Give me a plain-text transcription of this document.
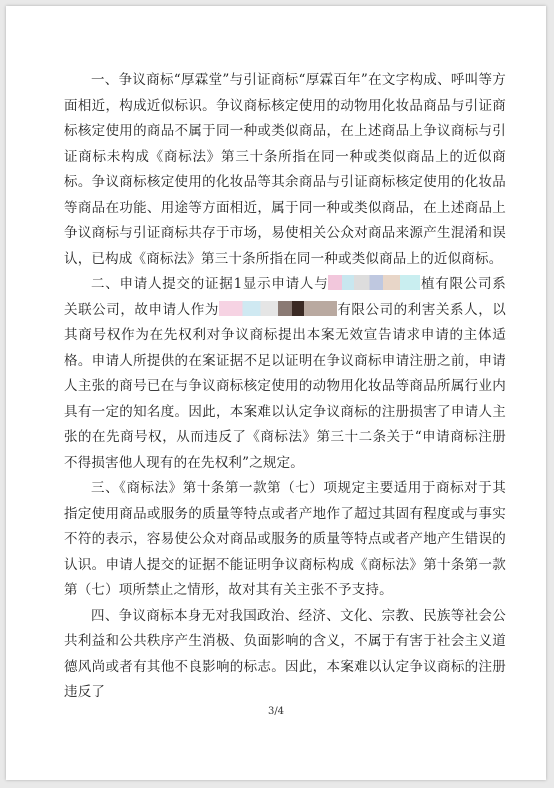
一、争议商标“厚霖堂”与引证商标“厚霖百年”在文字构成、呼叫等方面相近，构成近似标识。争议商标核定使用的动物用化妆品商品与引证商标核定使用的商品不属于同一种或类似商品，在上述商品上争议商标与引证商标未构成《商标法》第三十条所指在同一种或类似商品上的近似商标。争议商标核定使用的化妆品等其余商品与引证商标核定使用的化妆品等商品在功能、用途等方面相近，属于同一种或类似商品，在上述商品上争议商标与引证商标共存于市场，易使相关公众对商品来源产生混淆和误认，已构成《商标法》第三十条所指在同一种或类似商品上的近似商标。

二、申请人提交的证据1显示申请人与	植有限公司系关联公司，故申请人作为	有限公司的利害关系人，以其商号权作为在先权利对争议商标提出本案无效宣告请求申请的主体适格。申请人所提供的在案证据不足以证明在争议商标申请注册之前，申请人主张的商号已在与争议商标核定使用的动物用化妆品等商品所属行业内具有一定的知名度。因此，本案难以认定争议商标的注册损害了申请人主张的在先商号权，从而违反了《商标法》第三十二条关于“申请商标注册不得损害他人现有的在先权利”之规定。

三、《商标法》第十条第一款第（七）项规定主要适用于商标对于其指定使用商品或服务的质量等特点或者产地作了超过其固有程度或与事实不符的表示，容易使公众对商品或服务的质量等特点或者产地产生错误的认识。申请人提交的证据不能证明争议商标构成《商标法》第十条第一款第（七）项所禁止之情形，故对其有关主张不予支持。

四、争议商标本身无对我国政治、经济、文化、宗教、民族等社会公共利益和公共秩序产生消极、负面影响的含义，不属于有害于社会主义道德风尚或者有其他不良影响的标志。因此，本案难以认定争议商标的注册违反了

3/4
